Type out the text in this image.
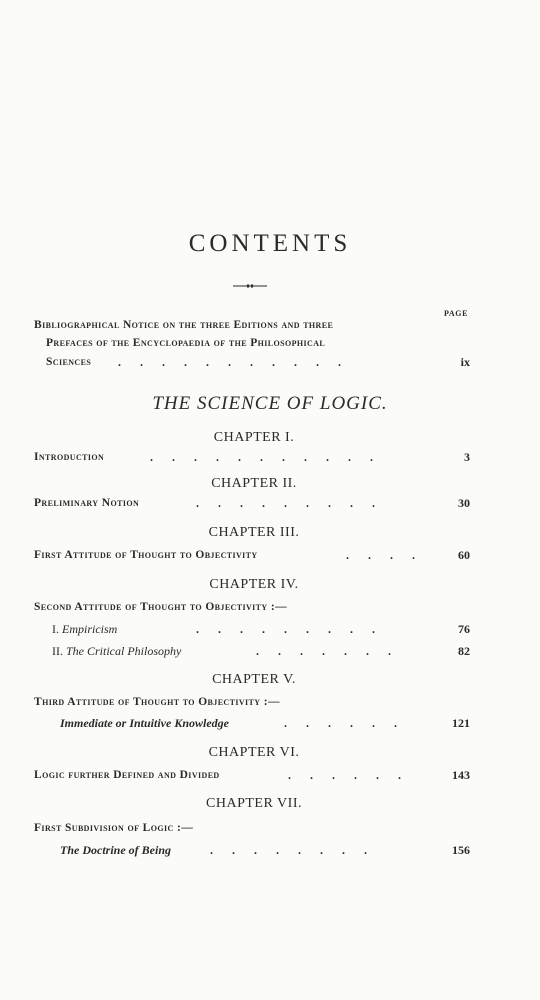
CONTENTS
PAGE
Bibliographical Notice on the three Editions and three
Prefaces of the Encyclopaedia of the Philosophical
Sciences . . . . . . . . . . .	ix
THE SCIENCE OF LOGIC.
CHAPTER I.
Introduction	. . . . . . . . . . .	3
CHAPTER II.
Preliminary Notion	. . . . . . . . .	30
CHAPTER III.
First Attitude of Thought to Objectivity	. . . .	60
CHAPTER IV.
Second Attitude of Thought to Objectivity :—
I. Empiricism	. . . . . . . . .	76
II. The Critical Philosophy	. . . . . . .	82
CHAPTER V.
Third Attitude of Thought to Objectivity :—
Immediate or Intuitive Knowledge	. . . . . .	121
CHAPTER VI.
Logic further Defined and Divided	. . . . . .	143
CHAPTER VII.
First Subdivision of Logic :—
The Doctrine of Being	. . . . . . . .	156
